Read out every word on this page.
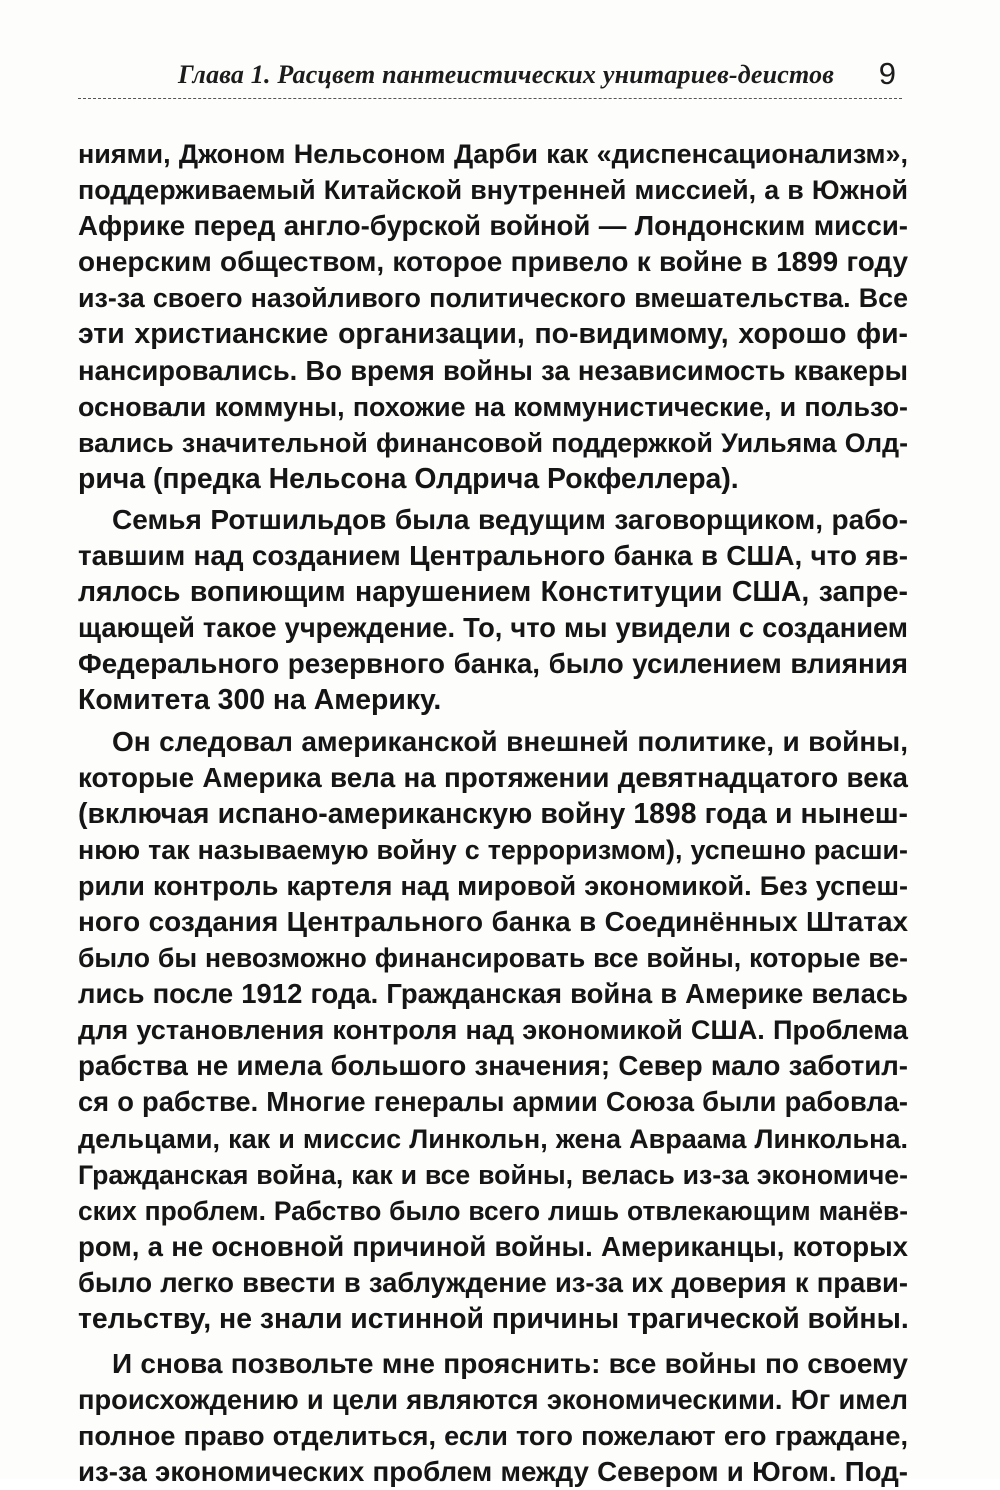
Глава 1. Расцвет пантеистических унитариев-деистов 9
ниями, Джоном Нельсоном Дарби как «диспенсационализм»,
поддерживаемый Китайской внутренней миссией, а в Южной
Африке перед англо-бурской войной — Лондонским мисси-
онерским обществом, которое привело к войне в 1899 году
из-за своего назойливого политического вмешательства. Все
эти христианские организации, по-видимому, хорошо фи-
нансировались. Во время войны за независимость квакеры
основали коммуны, похожие на коммунистические, и пользо-
вались значительной финансовой поддержкой Уильяма Олд-
рича (предка Нельсона Олдрича Рокфеллера).
Семья Ротшильдов была ведущим заговорщиком, рабо-
тавшим над созданием Центрального банка в США, что яв-
лялось вопиющим нарушением Конституции США, запре-
щающей такое учреждение. То, что мы увидели с созданием
Федерального резервного банка, было усилением влияния
Комитета 300 на Америку.
Он следовал американской внешней политике, и войны,
которые Америка вела на протяжении девятнадцатого века
(включая испано-американскую войну 1898 года и нынеш-
нюю так называемую войну с терроризмом), успешно расши-
рили контроль картеля над мировой экономикой. Без успеш-
ного создания Центрального банка в Соединённых Штатах
было бы невозможно финансировать все войны, которые ве-
лись после 1912 года. Гражданская война в Америке велась
для установления контроля над экономикой США. Проблема
рабства не имела большого значения; Север мало заботил-
ся о рабстве. Многие генералы армии Союза были рабовла-
дельцами, как и миссис Линкольн, жена Авраама Линкольна.
Гражданская война, как и все войны, велась из-за экономиче-
ских проблем. Рабство было всего лишь отвлекающим манёв-
ром, а не основной причиной войны. Американцы, которых
было легко ввести в заблуждение из-за их доверия к прави-
тельству, не знали истинной причины трагической войны.
И снова позвольте мне прояснить: все войны по своему
происхождению и цели являются экономическими. Юг имел
полное право отделиться, если того пожелают его граждане,
из-за экономических проблем между Севером и Югом. Под-
